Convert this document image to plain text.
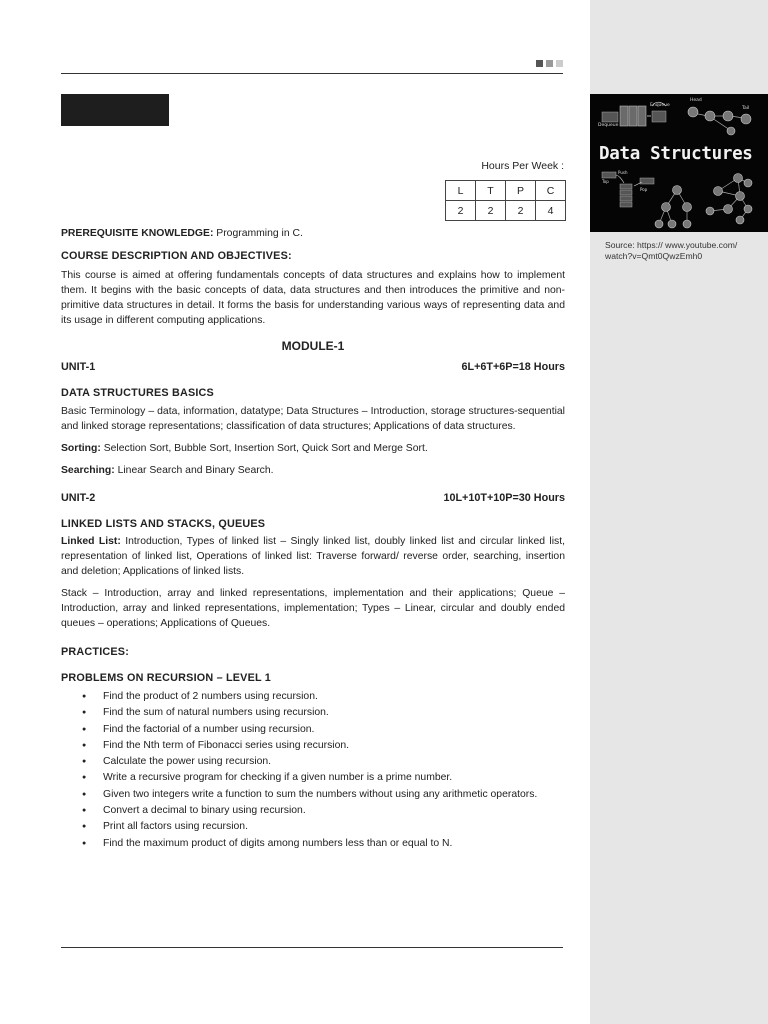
Hours Per Week :
L	T	P	C
2	2	2	4

PREREQUISITE KNOWLEDGE: Programming in C.

COURSE DESCRIPTION AND OBJECTIVES:

This course is aimed at offering fundamentals concepts of data structures and explains how to implement them. It begins with the basic concepts of data, data structures and then introduces the primitive and non-primitive data structures in detail. It forms the basis for understanding various ways of representing data and its usage in different computing applications.

MODULE-1

UNIT-1	6L+6T+6P=18 Hours

DATA STRUCTURES BASICS

Basic Terminology – data, information, datatype; Data Structures – Introduction, storage structures-sequential and linked storage representations; classification of data structures; Applications of data structures.

Sorting: Selection Sort, Bubble Sort, Insertion Sort, Quick Sort and Merge Sort.

Searching: Linear Search and Binary Search.

UNIT-2	10L+10T+10P=30 Hours

LINKED LISTS AND STACKS, QUEUES

Linked List: Introduction, Types of linked list – Singly linked list, doubly linked list and circular linked list, representation of linked list, Operations of linked list: Traverse forward/ reverse order, searching, insertion and deletion; Applications of linked lists.

Stack – Introduction, array and linked representations, implementation and their applications; Queue – Introduction, array and linked representations, implementation; Types – Linear, circular and doubly ended queues – operations; Applications of Queues.

PRACTICES:

PROBLEMS ON RECURSION – LEVEL 1

● Find the product of 2 numbers using recursion.
● Find the sum of natural numbers using recursion.
● Find the factorial of a number using recursion.
● Find the Nth term of Fibonacci series using recursion.
● Calculate the power using recursion.
● Write a recursive program for checking if a given number is a prime number.
● Given two integers write a function to sum the numbers without using any arithmetic operators.
● Convert a decimal to binary using recursion.
● Print all factors using recursion.
● Find the maximum product of digits among numbers less than or equal to N.
Enqueue
Dequeue
Head
Tail
Push
Pop
Top
Data Structures
Source: https:// www.youtube.com/ watch?v=Qmt0QwzEmh0
